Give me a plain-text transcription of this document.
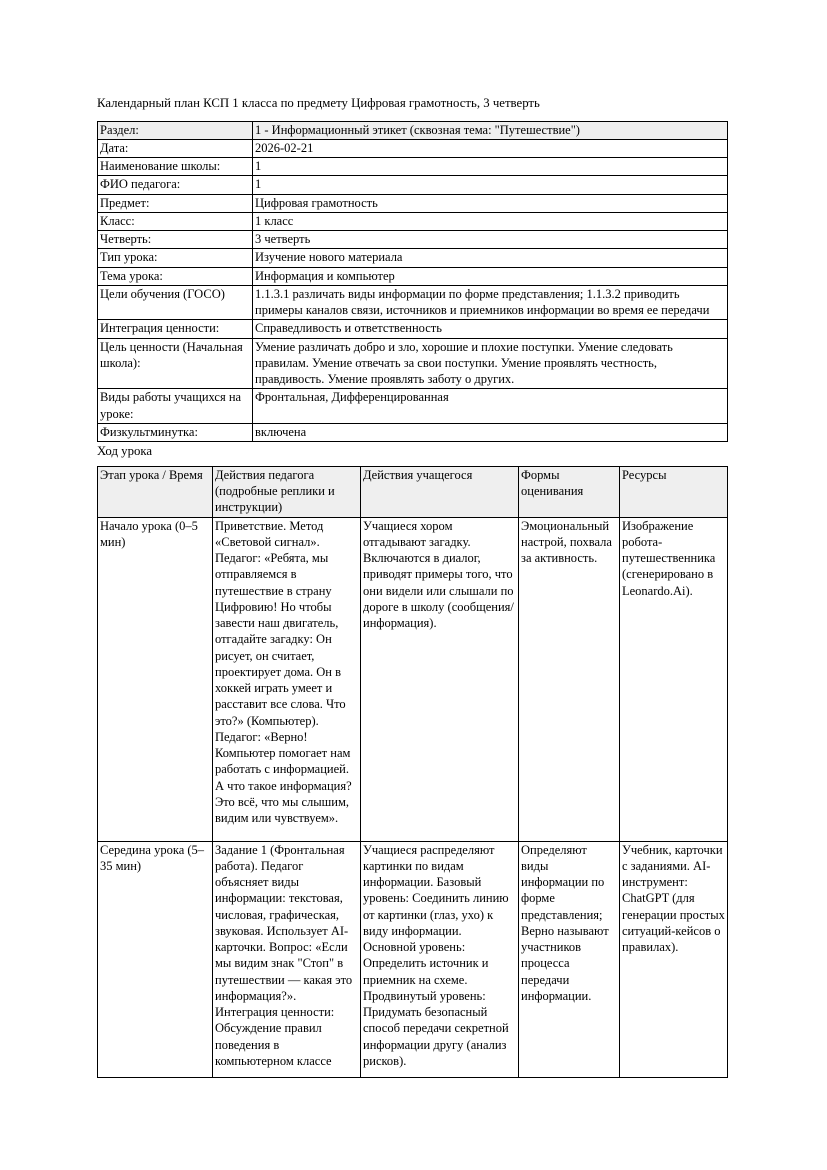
Календарный план КСП 1 класса по предмету Цифровая грамотность, 3 четверть

Раздел:	1 - Информационный этикет (сквозная тема: "Путешествие")
Дата:	2026-02-21
Наименование школы:	1
ФИО педагога:	1
Предмет:	Цифровая грамотность
Класс:	1 класс
Четверть:	3 четверть
Тип урока:	Изучение нового материала
Тема урока:	Информация и компьютер
Цели обучения (ГОСО)	1.1.3.1 различать виды информации по форме представления; 1.1.3.2 приводить примеры каналов связи, источников и приемников информации во время ее передачи
Интеграция ценности:	Справедливость и ответственность
Цель ценности (Начальная школа):	Умение различать добро и зло, хорошие и плохие поступки. Умение следовать правилам. Умение отвечать за свои поступки. Умение проявлять честность, правдивость. Умение проявлять заботу о других.
Виды работы учащихся на уроке:	Фронтальная, Дифференцированная
Физкультминутка:	включена

Ход урока

Этап урока / Время	Действия педагога (подробные реплики и инструкции)	Действия учащегося	Формы оценивания	Ресурсы
Начало урока (0–5 мин)	Приветствие. Метод «Световой сигнал». Педагог: «Ребята, мы отправляемся в путешествие в страну Цифровию! Но чтобы завести наш двигатель, отгадайте загадку: Он рисует, он считает, проектирует дома. Он в хоккей играть умеет и расставит все слова. Что это?» (Компьютер). Педагог: «Верно! Компьютер помогает нам работать с информацией. А что такое информация? Это всё, что мы слышим, видим или чувствуем».	Учащиеся хором отгадывают загадку. Включаются в диалог, приводят примеры того, что они видели или слышали по дороге в школу (сообщения/информация).	Эмоциональный настрой, похвала за активность.	Изображение робота-путешественника (сгенерировано в Leonardo.Ai).
Середина урока (5–35 мин)	Задание 1 (Фронтальная работа). Педагог объясняет виды информации: текстовая, числовая, графическая, звуковая. Использует AI-карточки. Вопрос: «Если мы видим знак "Стоп" в путешествии — какая это информация?». Интеграция ценности: Обсуждение правил поведения в компьютерном классе	Учащиеся распределяют картинки по видам информации. Базовый уровень: Соединить линию от картинки (глаз, ухо) к виду информации. Основной уровень: Определить источник и приемник на схеме. Продвинутый уровень: Придумать безопасный способ передачи секретной информации другу (анализ рисков).	Определяют виды информации по форме представления; Верно называют участников процесса передачи информации.	Учебник, карточки с заданиями. AI-инструмент: ChatGPT (для генерации простых ситуаций-кейсов о правилах).
